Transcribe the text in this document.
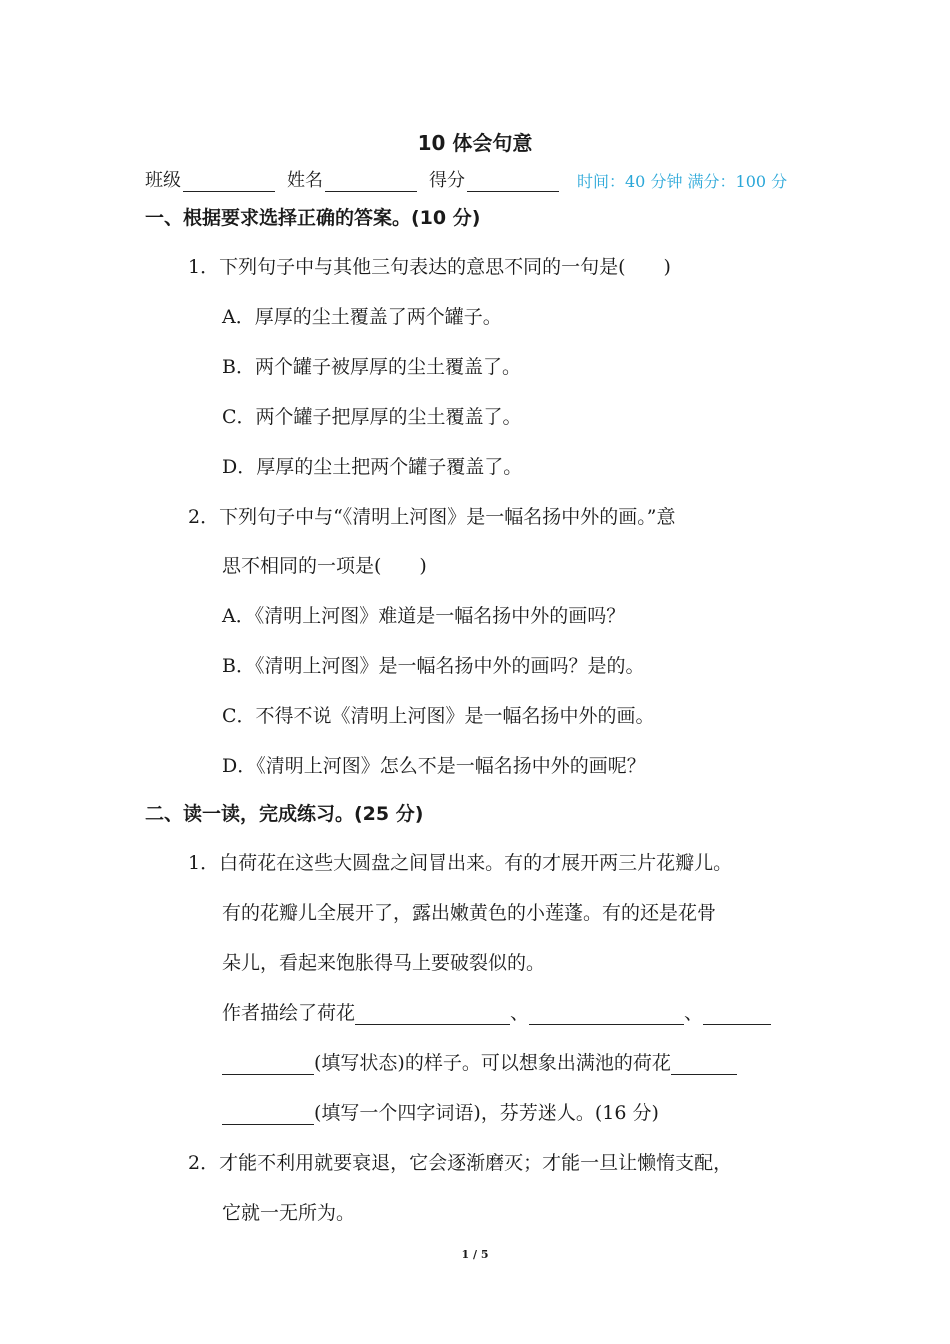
10 体会句意
班级	姓名	得分	时间：40 分钟 满分：100 分
一、根据要求选择正确的答案。(10 分)
1．下列句子中与其他三句表达的意思不同的一句是(　　)
A．厚厚的尘土覆盖了两个罐子。
B．两个罐子被厚厚的尘土覆盖了。
C．两个罐子把厚厚的尘土覆盖了。
D．厚厚的尘土把两个罐子覆盖了。
2．下列句子中与“《清明上河图》是一幅名扬中外的画。”意
思不相同的一项是(　　)
A．《清明上河图》难道是一幅名扬中外的画吗？
B．《清明上河图》是一幅名扬中外的画吗？是的。
C．不得不说《清明上河图》是一幅名扬中外的画。
D．《清明上河图》怎么不是一幅名扬中外的画呢？
二、读一读，完成练习。(25 分)
1．白荷花在这些大圆盘之间冒出来。有的才展开两三片花瓣儿。
有的花瓣儿全展开了，露出嫩黄色的小莲蓬。有的还是花骨
朵儿，看起来饱胀得马上要破裂似的。
作者描绘了荷花	、	、
(填写状态)的样子。可以想象出满池的荷花
(填写一个四字词语)，芬芳迷人。(16 分)
2．才能不利用就要衰退，它会逐渐磨灭；才能一旦让懒惰支配，
它就一无所为。
1 / 5
